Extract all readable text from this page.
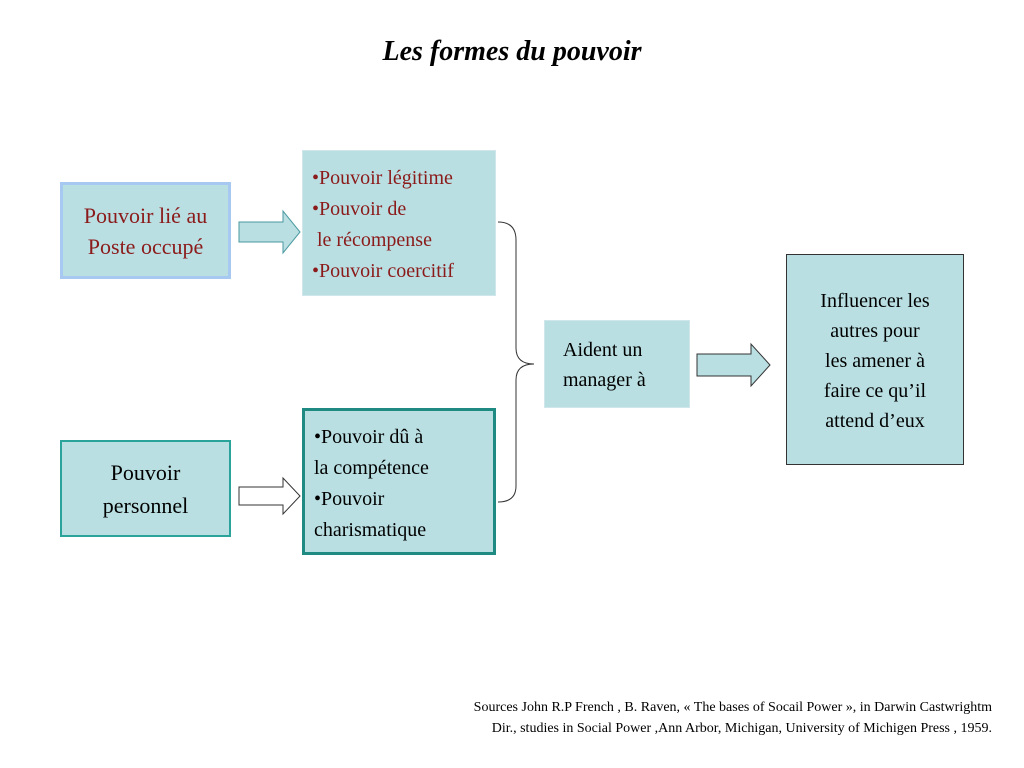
Les formes du pouvoir
Pouvoir lié au
Poste occupé
Pouvoir
personnel
•Pouvoir légitime
•Pouvoir de
le récompense
•Pouvoir coercitif
•Pouvoir dû à
la compétence
•Pouvoir
charismatique
Aident un
manager à
Influencer les
autres pour
les amener à
faire ce qu’il
attend d’eux
Sources John R.P French , B. Raven, « The bases of Socail Power », in Darwin Castwrightm
Dir., studies in Social Power ,Ann Arbor, Michigan, University of Michigen Press , 1959.
